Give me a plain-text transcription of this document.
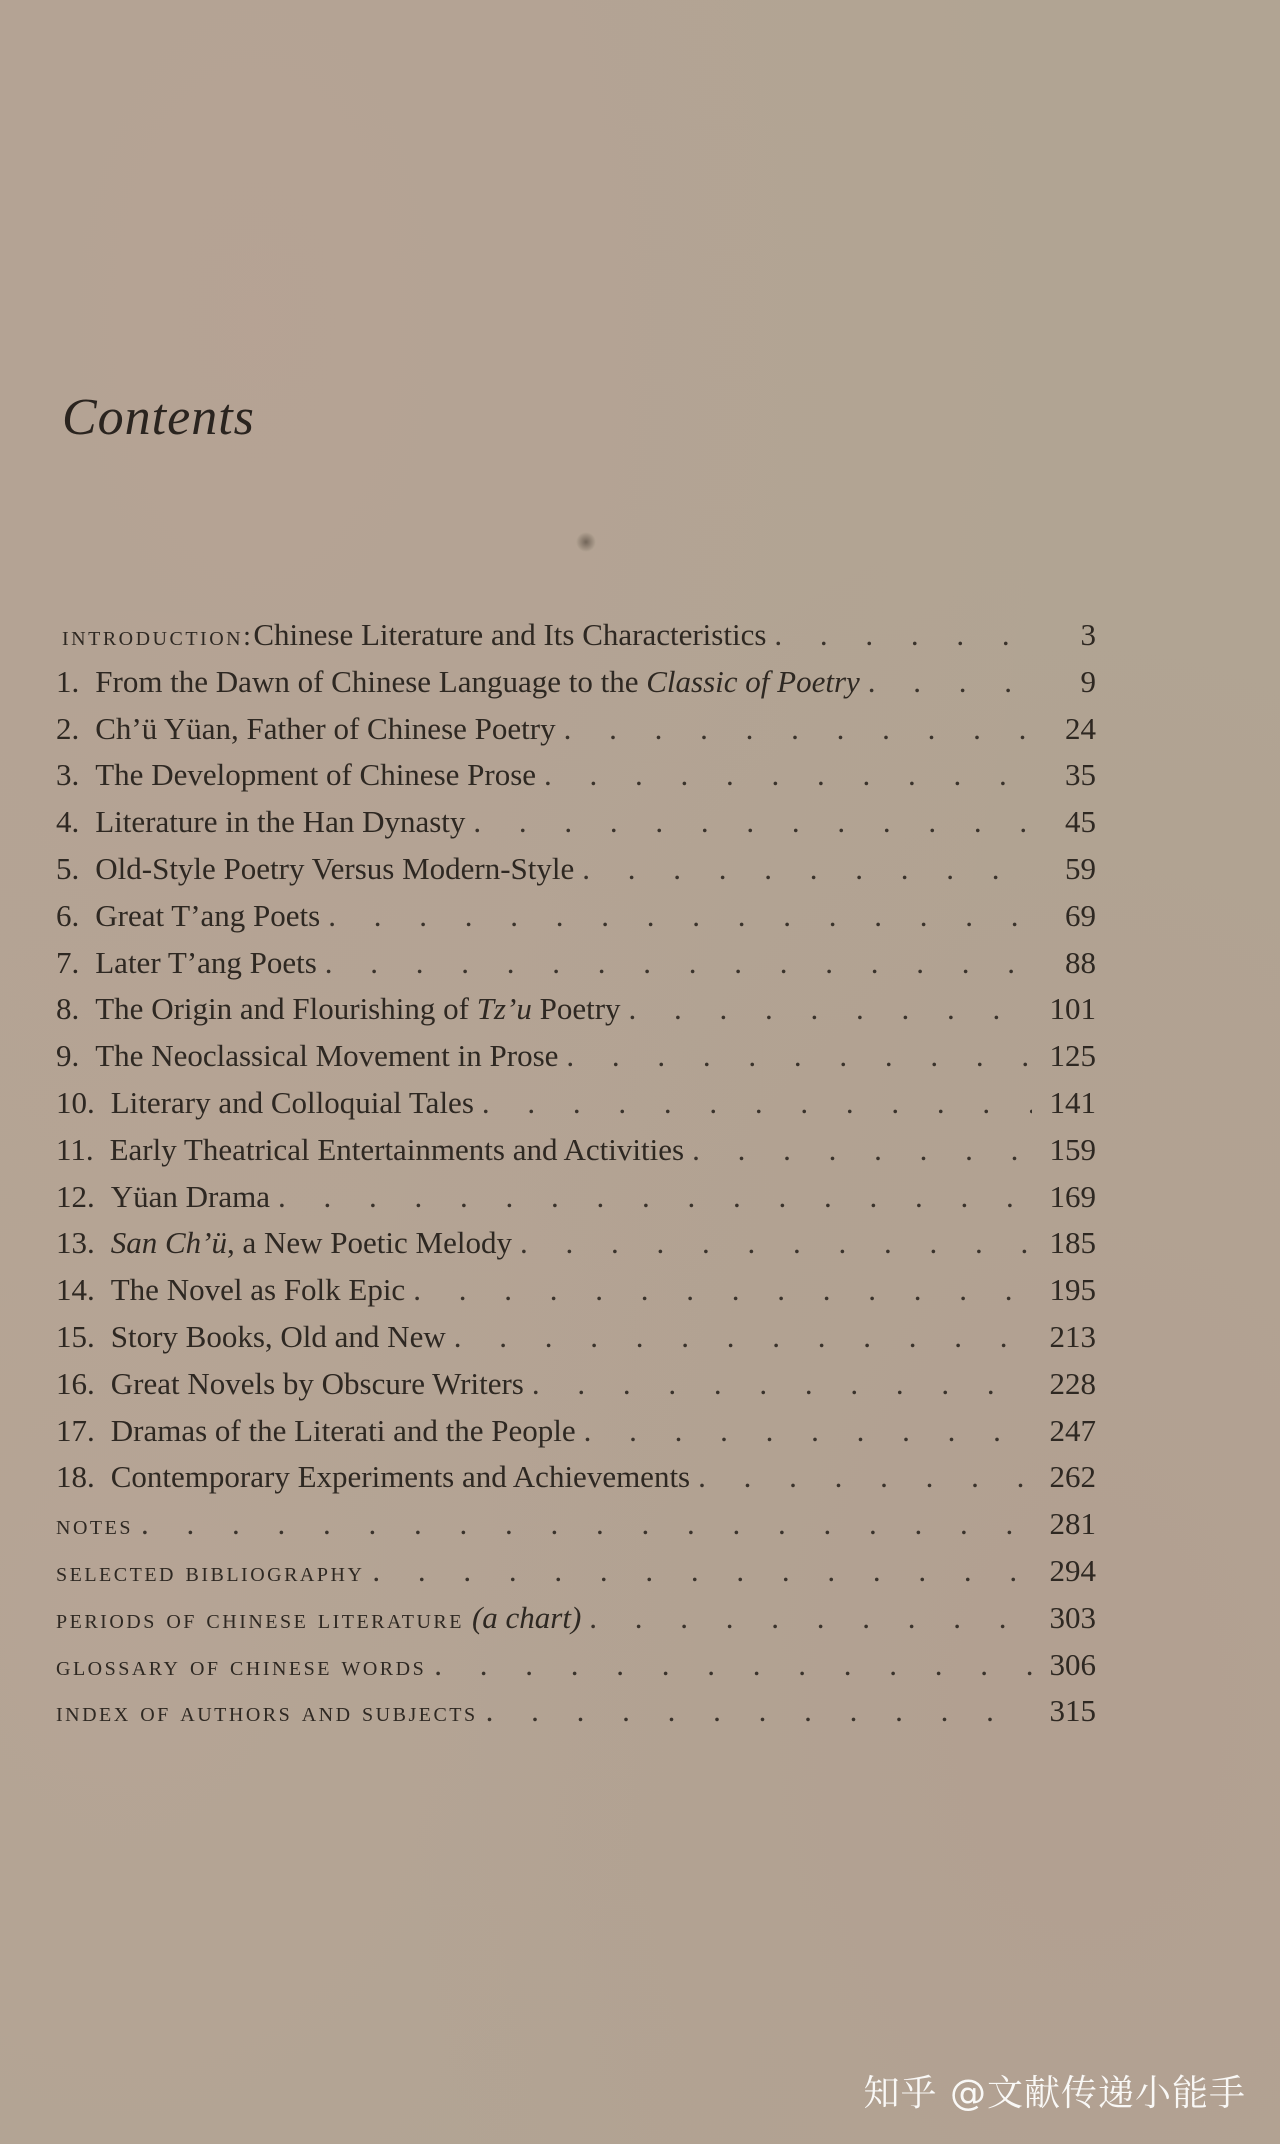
Contents
introduction:Chinese Literature and Its Characteristics . . .	3
1. From the Dawn of Chinese Language to the Classic of Poetry . . .	9
2. Ch’ü Yüan, Father of Chinese Poetry . . .	24
3. The Development of Chinese Prose . . .	35
4. Literature in the Han Dynasty . . .	45
5. Old-Style Poetry Versus Modern-Style . . .	59
6. Great T’ang Poets . . .	69
7. Later T’ang Poets . . .	88
8. The Origin and Flourishing of Tz’u Poetry . . .	101
9. The Neoclassical Movement in Prose . . .	125
10. Literary and Colloquial Tales . . .	141
11. Early Theatrical Entertainments and Activities . . .	159
12. Yüan Drama . . .	169
13. San Ch’ü, a New Poetic Melody . . .	185
14. The Novel as Folk Epic . . .	195
15. Story Books, Old and New . . .	213
16. Great Novels by Obscure Writers . . .	228
17. Dramas of the Literati and the People . . .	247
18. Contemporary Experiments and Achievements . . .	262
notes . . .	281
selected bibliography . . .	294
periods of chinese literature (a chart) . . .	303
glossary of chinese words . . .	306
index of authors and subjects . . .	315
知乎 @文献传递小能手
